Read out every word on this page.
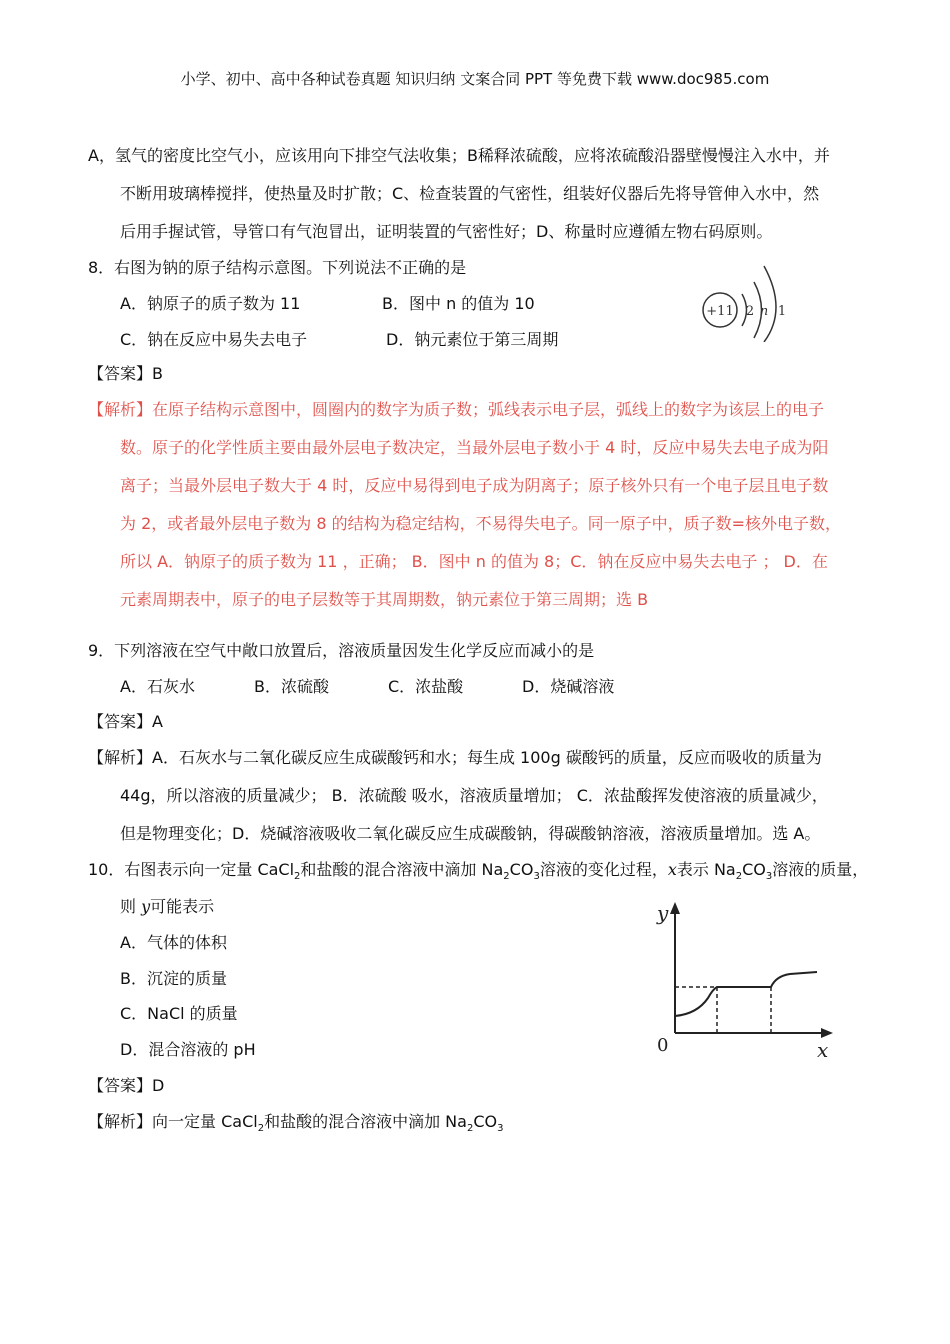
小学、初中、高中各种试卷真题 知识归纳 文案合同 PPT 等免费下载 www.doc985.com
A，氢气的密度比空气小，应该用向下排空气法收集；B稀释浓硫酸，应将浓硫酸沿器壁慢慢注入水中，并
不断用玻璃棒搅拌，使热量及时扩散；C、检查装置的气密性，组装好仪器后先将导管伸入水中，然
后用手握试管，导管口有气泡冒出，证明装置的气密性好；D、称量时应遵循左物右码原则。
8．右图为钠的原子结构示意图。下列说法不正确的是
A．钠原子的质子数为 11	B．图中 n 的值为 10
C．钠在反应中易失去电子	D．钠元素位于第三周期
+11 2 n 1
【答案】B
【解析】在原子结构示意图中，圆圈内的数字为质子数；弧线表示电子层，弧线上的数字为该层上的电子
数。原子的化学性质主要由最外层电子数决定，当最外层电子数小于 4 时，反应中易失去电子成为阳
离子；当最外层电子数大于 4 时，反应中易得到电子成为阴离子；原子核外只有一个电子层且电子数
为 2，或者最外层电子数为 8 的结构为稳定结构，不易得失电子。同一原子中，质子数=核外电子数，
所以 A．钠原子的质子数为 11 ，正确； B．图中 n 的值为 8；C．钠在反应中易失去电子 ； D．在
元素周期表中，原子的电子层数等于其周期数，钠元素位于第三周期；选 B
9．下列溶液在空气中敞口放置后，溶液质量因发生化学反应而减小的是
A．石灰水	B．浓硫酸	C．浓盐酸	D．烧碱溶液
【答案】A
【解析】A．石灰水与二氧化碳反应生成碳酸钙和水；每生成 100g 碳酸钙的质量，反应而吸收的质量为
44g，所以溶液的质量减少； B．浓硫酸 吸水，溶液质量增加； C．浓盐酸挥发使溶液的质量减少，
但是物理变化；D．烧碱溶液吸收二氧化碳反应生成碳酸钠，得碳酸钠溶液，溶液质量增加。选 A。
10．右图表示向一定量 CaCl$_2$和盐酸的混合溶液中滴加 $Na_2CO_3$溶液的变化过程，x表示 $Na_2CO_3$溶液的质量，
则 y可能表示
A．气体的体积
B．沉淀的质量
C．NaCl 的质量
D．混合溶液的 pH
y
x
0
【答案】D
【解析】向一定量 CaCl$_2$和盐酸的混合溶液中滴加 $Na_2CO_3$
